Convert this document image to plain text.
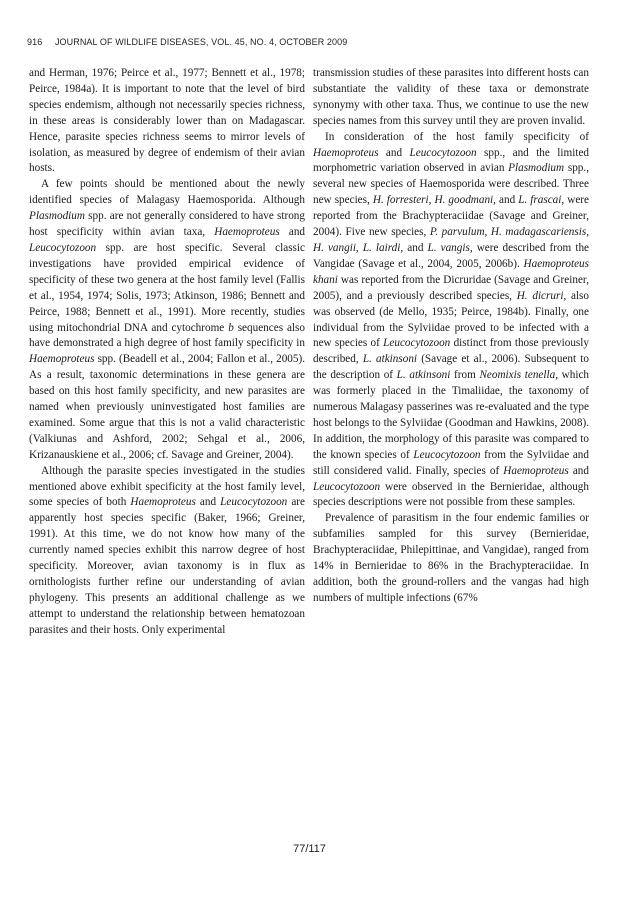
916 JOURNAL OF WILDLIFE DISEASES, VOL. 45, NO. 4, OCTOBER 2009

and Herman, 1976; Peirce et al., 1977; Bennett et al., 1978; Peirce, 1984a). It is important to note that the level of bird species endemism, although not necessarily species richness, in these areas is considerably lower than on Madagascar. Hence, parasite species richness seems to mirror levels of isolation, as measured by degree of endemism of their avian hosts.

A few points should be mentioned about the newly identified species of Malagasy Haemosporida. Although Plasmodium spp. are not generally considered to have strong host specificity within avian taxa, Haemoproteus and Leucocytozoon spp. are host specific. Several classic investigations have provided empirical evidence of specificity of these two genera at the host family level (Fallis et al., 1954, 1974; Solis, 1973; Atkinson, 1986; Bennett and Peirce, 1988; Bennett et al., 1991). More recently, studies using mitochondrial DNA and cytochrome b sequences also have demonstrated a high degree of host family specificity in Haemoproteus spp. (Beadell et al., 2004; Fallon et al., 2005). As a result, taxonomic determinations in these genera are based on this host family specificity, and new parasites are named when previously uninvestigated host families are examined. Some argue that this is not a valid characteristic (Valkiunas and Ashford, 2002; Sehgal et al., 2006, Krizanauskiene et al., 2006; cf. Savage and Greiner, 2004).

Although the parasite species investigated in the studies mentioned above exhibit specificity at the host family level, some species of both Haemoproteus and Leucocytozoon are apparently host species specific (Baker, 1966; Greiner, 1991). At this time, we do not know how many of the currently named species exhibit this narrow degree of host specificity. Moreover, avian taxonomy is in flux as ornithologists further refine our understanding of avian phylogeny. This presents an additional challenge as we attempt to understand the relationship between hematozoan parasites and their hosts. Only experimental

transmission studies of these parasites into different hosts can substantiate the validity of these taxa or demonstrate synonymy with other taxa. Thus, we continue to use the new species names from this survey until they are proven invalid.

In consideration of the host family specificity of Haemoproteus and Leucocytozoon spp., and the limited morphometric variation observed in avian Plasmodium spp., several new species of Haemosporida were described. Three new species, H. forresteri, H. goodmani, and L. frascai, were reported from the Brachypteraciidae (Savage and Greiner, 2004). Five new species, P. parvulum, H. madagascariensis, H. vangii, L. lairdi, and L. vangis, were described from the Vangidae (Savage et al., 2004, 2005, 2006b). Haemoproteus khani was reported from the Dicruridae (Savage and Greiner, 2005), and a previously described species, H. dicruri, also was observed (de Mello, 1935; Peirce, 1984b). Finally, one individual from the Sylviidae proved to be infected with a new species of Leucocytozoon distinct from those previously described, L. atkinsoni (Savage et al., 2006). Subsequent to the description of L. atkinsoni from Neomixis tenella, which was formerly placed in the Timaliidae, the taxonomy of numerous Malagasy passerines was re-evaluated and the type host belongs to the Sylviidae (Goodman and Hawkins, 2008). In addition, the morphology of this parasite was compared to the known species of Leucocytozoon from the Sylviidae and still considered valid. Finally, species of Haemoproteus and Leucocytozoon were observed in the Bernieridae, although species descriptions were not possible from these samples.

Prevalence of parasitism in the four endemic families or subfamilies sampled for this survey (Bernieridae, Brachypteraciidae, Philepittinae, and Vangidae), ranged from 14% in Bernieridae to 86% in the Brachypteraciidae. In addition, both the ground-rollers and the vangas had high numbers of multiple infections (67%

77/117
